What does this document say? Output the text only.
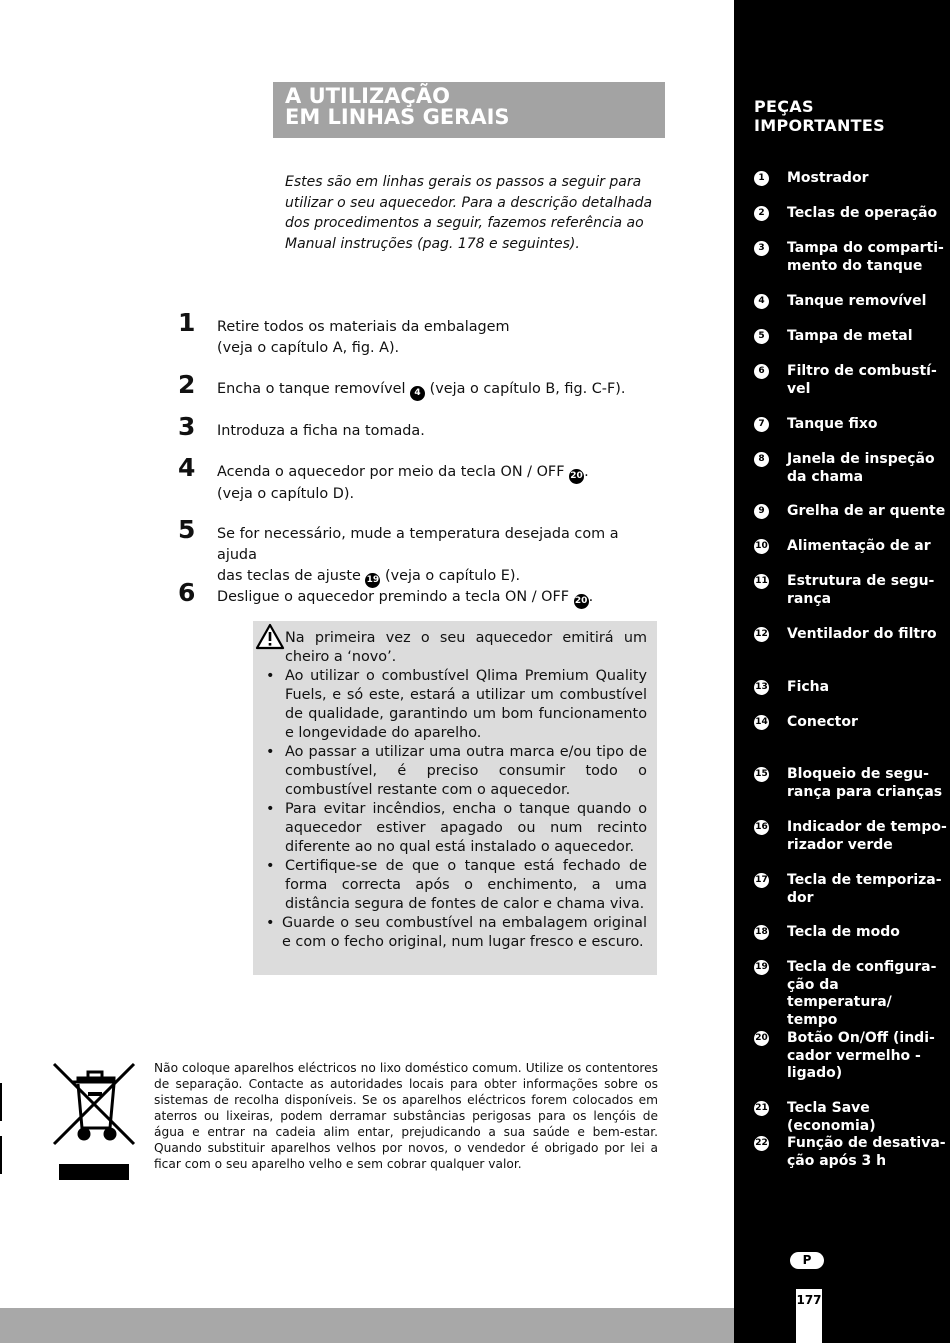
A UTILIZAÇÃO
EM LINHAS GERAIS
Estes são em linhas gerais os passos a seguir para utilizar o seu aquecedor. Para a descrição detalhada dos procedimentos a seguir, fazemos referência ao Manual instruções (pag. 178 e seguintes).
1 Retire todos os materiais da embalagem
(veja o capítulo A, fig. A).
2 Encha o tanque removível 4 (veja o capítulo B, fig. C-F).
3 Introduza a ficha na tomada.
4 Acenda o aquecedor por meio da tecla ON / OFF 20.
(veja o capítulo D).
5 Se for necessário, mude a temperatura desejada com a ajuda
das teclas de ajuste 19 (veja o capítulo E).
6 Desligue o aquecedor premindo a tecla ON / OFF 20.
Na primeira vez o seu aquecedor emitirá um cheiro a ‘novo’.
• Ao utilizar o combustível Qlima Premium Quality Fuels, e só este, estará a utilizar um combustível de qualidade, garantindo um bom funcionamento e longevidade do aparelho.
• Ao passar a utilizar uma outra marca e/ou tipo de combustível, é preciso consumir todo o combustível restante com o aquecedor.
• Para evitar incêndios, encha o tanque quando o aquecedor estiver apagado ou num recinto diferente ao no qual está instalado o aquecedor.
• Certifique-se de que o tanque está fechado de forma correcta após o enchimento, a uma distância segura de fontes de calor e chama viva.
• Guarde o seu combustível na embalagem original e com o fecho original, num lugar fresco e escuro.
Não coloque aparelhos eléctricos no lixo doméstico comum. Utilize os contentores de separação. Contacte as autoridades locais para obter informações sobre os sistemas de recolha disponíveis. Se os aparelhos eléctricos forem colocados em aterros ou lixeiras, podem derramar substâncias perigosas para os lençóis de água e entrar na cadeia alim entar, prejudicando a sua saúde e bem-estar. Quando substituir aparelhos velhos por novos, o vendedor é obrigado por lei a ficar com o seu aparelho velho e sem cobrar qualquer valor.
PEÇAS IMPORTANTES
1	Mostrador
2	Teclas de operação
3	Tampa do comparti-
mento do tanque
4	Tanque removível
5	Tampa de metal
6	Filtro de combustí-
vel
7	Tanque fixo
8	Janela de inspeção
da chama
9	Grelha de ar quente
10 Alimentação de ar
11 Estrutura de segu-
rança
12 Ventilador do filtro
13 Ficha
14 Conector
15 Bloqueio de segu-
rança para crianças
16 Indicador de tempo-
rizador verde
17 Tecla de temporiza-
dor
18 Tecla de modo
19 Tecla de configura-
ção da temperatura/
tempo
20 Botão On/Off (indi-
cador vermelho -
ligado)
21 Tecla Save (economia)
22 Função de desativa-
ção após 3 h
P
177
